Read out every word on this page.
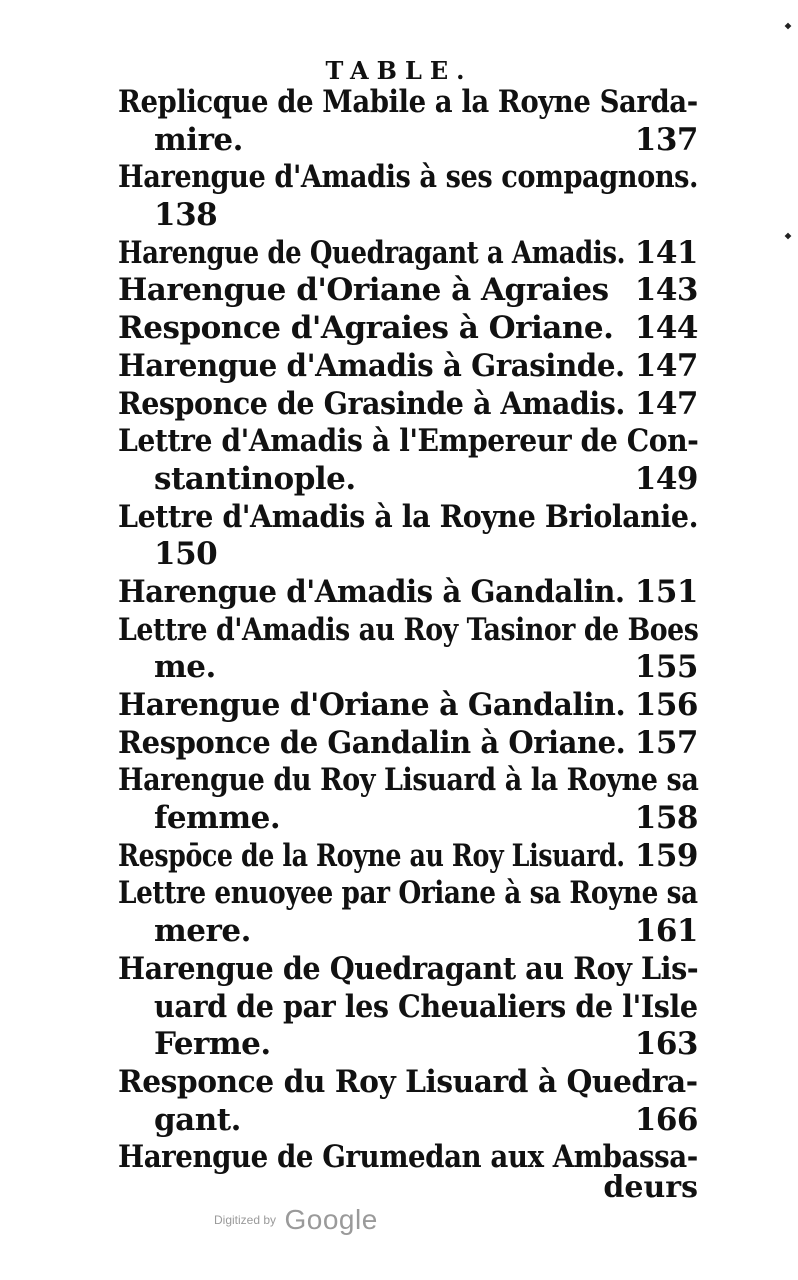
TABLE.
Replicque de Mabile a la Royne Sarda-
mire.	137
Harengue d'Amadis à ses compagnons.
138
Harengue de Quedragant a Amadis. 141
Harengue d'Oriane à Agraies 143
Responce d'Agraies à Oriane. 144
Harengue d'Amadis à Grasinde. 147
Responce de Grasinde à Amadis. 147
Lettre d'Amadis à l'Empereur de Con-
stantinople.	149
Lettre d'Amadis à la Royne Briolanie.
150
Harengue d'Amadis à Gandalin. 151
Lettre d'Amadis au Roy Tasinor de Boes
me.	155
Harengue d'Oriane à Gandalin. 156
Responce de Gandalin à Oriane. 157
Harengue du Roy Lisuard à la Royne sa
femme.	158
Respōce de la Royne au Roy Lisuard. 159
Lettre enuoyee par Oriane à sa Royne sa
mere.	161
Harengue de Quedragant au Roy Lis-
uard de par les Cheualiers de l'Isle
Ferme.	163
Responce du Roy Lisuard à Quedra-
gant.	166
Harengue de Grumedan aux Ambassa-
deurs
Digitized by Google
